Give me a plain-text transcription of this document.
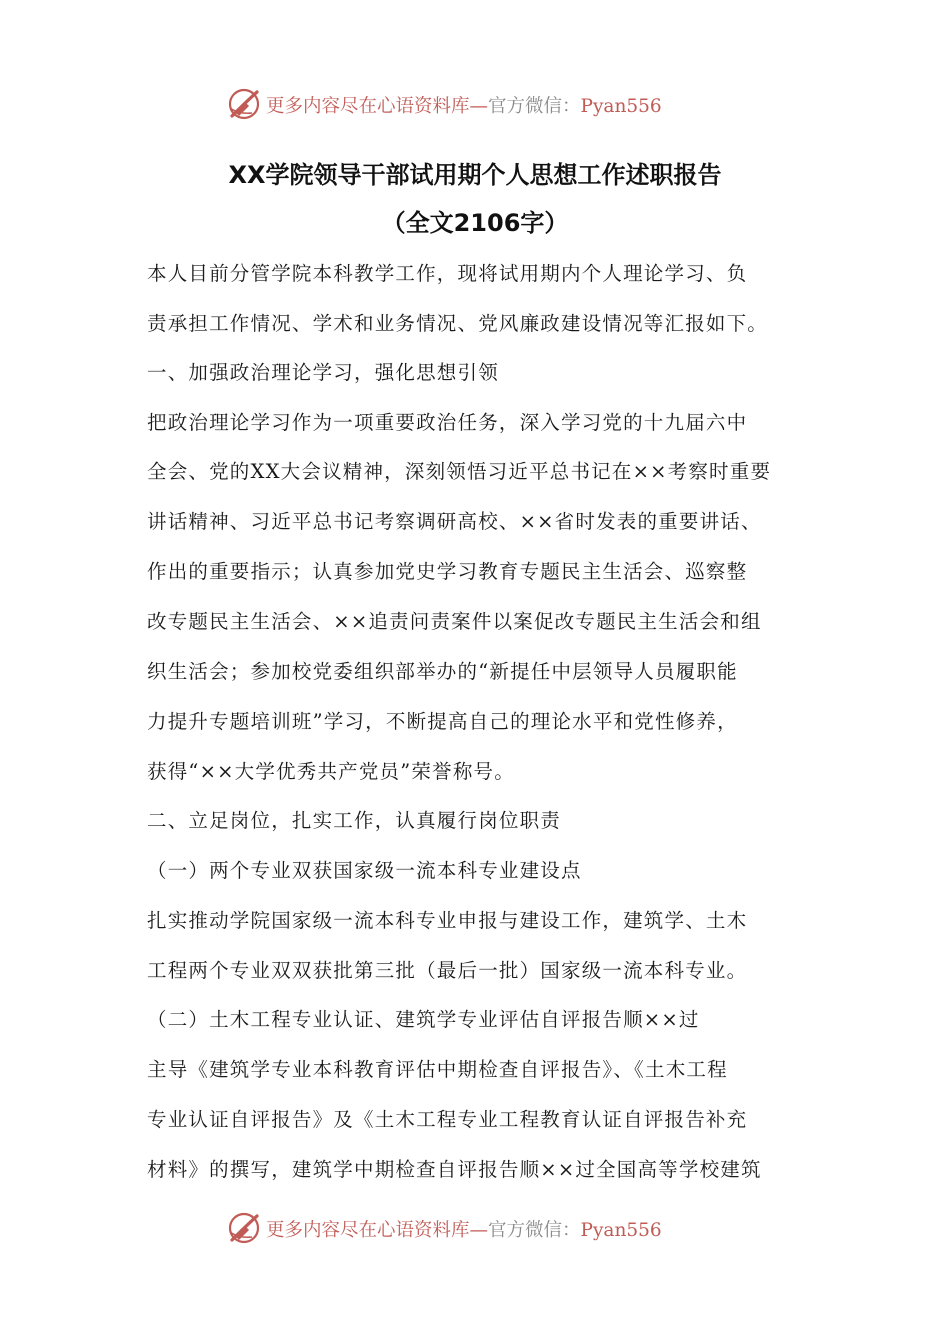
更多内容尽在心语资料库—官方微信：Pyan556
XX学院领导干部试用期个人思想工作述职报告
（全文2106字）
本人目前分管学院本科教学工作，现将试用期内个人理论学习、负
责承担工作情况、学术和业务情况、党风廉政建设情况等汇报如下。
一、加强政治理论学习，强化思想引领
把政治理论学习作为一项重要政治任务，深入学习党的十九届六中
全会、党的XX大会议精神，深刻领悟习近平总书记在××考察时重要
讲话精神、习近平总书记考察调研高校、××省时发表的重要讲话、
作出的重要指示；认真参加党史学习教育专题民主生活会、巡察整
改专题民主生活会、××追责问责案件以案促改专题民主生活会和组
织生活会；参加校党委组织部举办的“新提任中层领导人员履职能
力提升专题培训班”学习，不断提高自己的理论水平和党性修养，
获得“××大学优秀共产党员”荣誉称号。
二、立足岗位，扎实工作，认真履行岗位职责
（一）两个专业双获国家级一流本科专业建设点
扎实推动学院国家级一流本科专业申报与建设工作，建筑学、土木
工程两个专业双双获批第三批（最后一批）国家级一流本科专业。
（二）土木工程专业认证、建筑学专业评估自评报告顺××过
主导《建筑学专业本科教育评估中期检查自评报告》、《土木工程
专业认证自评报告》及《土木工程专业工程教育认证自评报告补充
材料》的撰写，建筑学中期检查自评报告顺××过全国高等学校建筑
更多内容尽在心语资料库—官方微信：Pyan556
